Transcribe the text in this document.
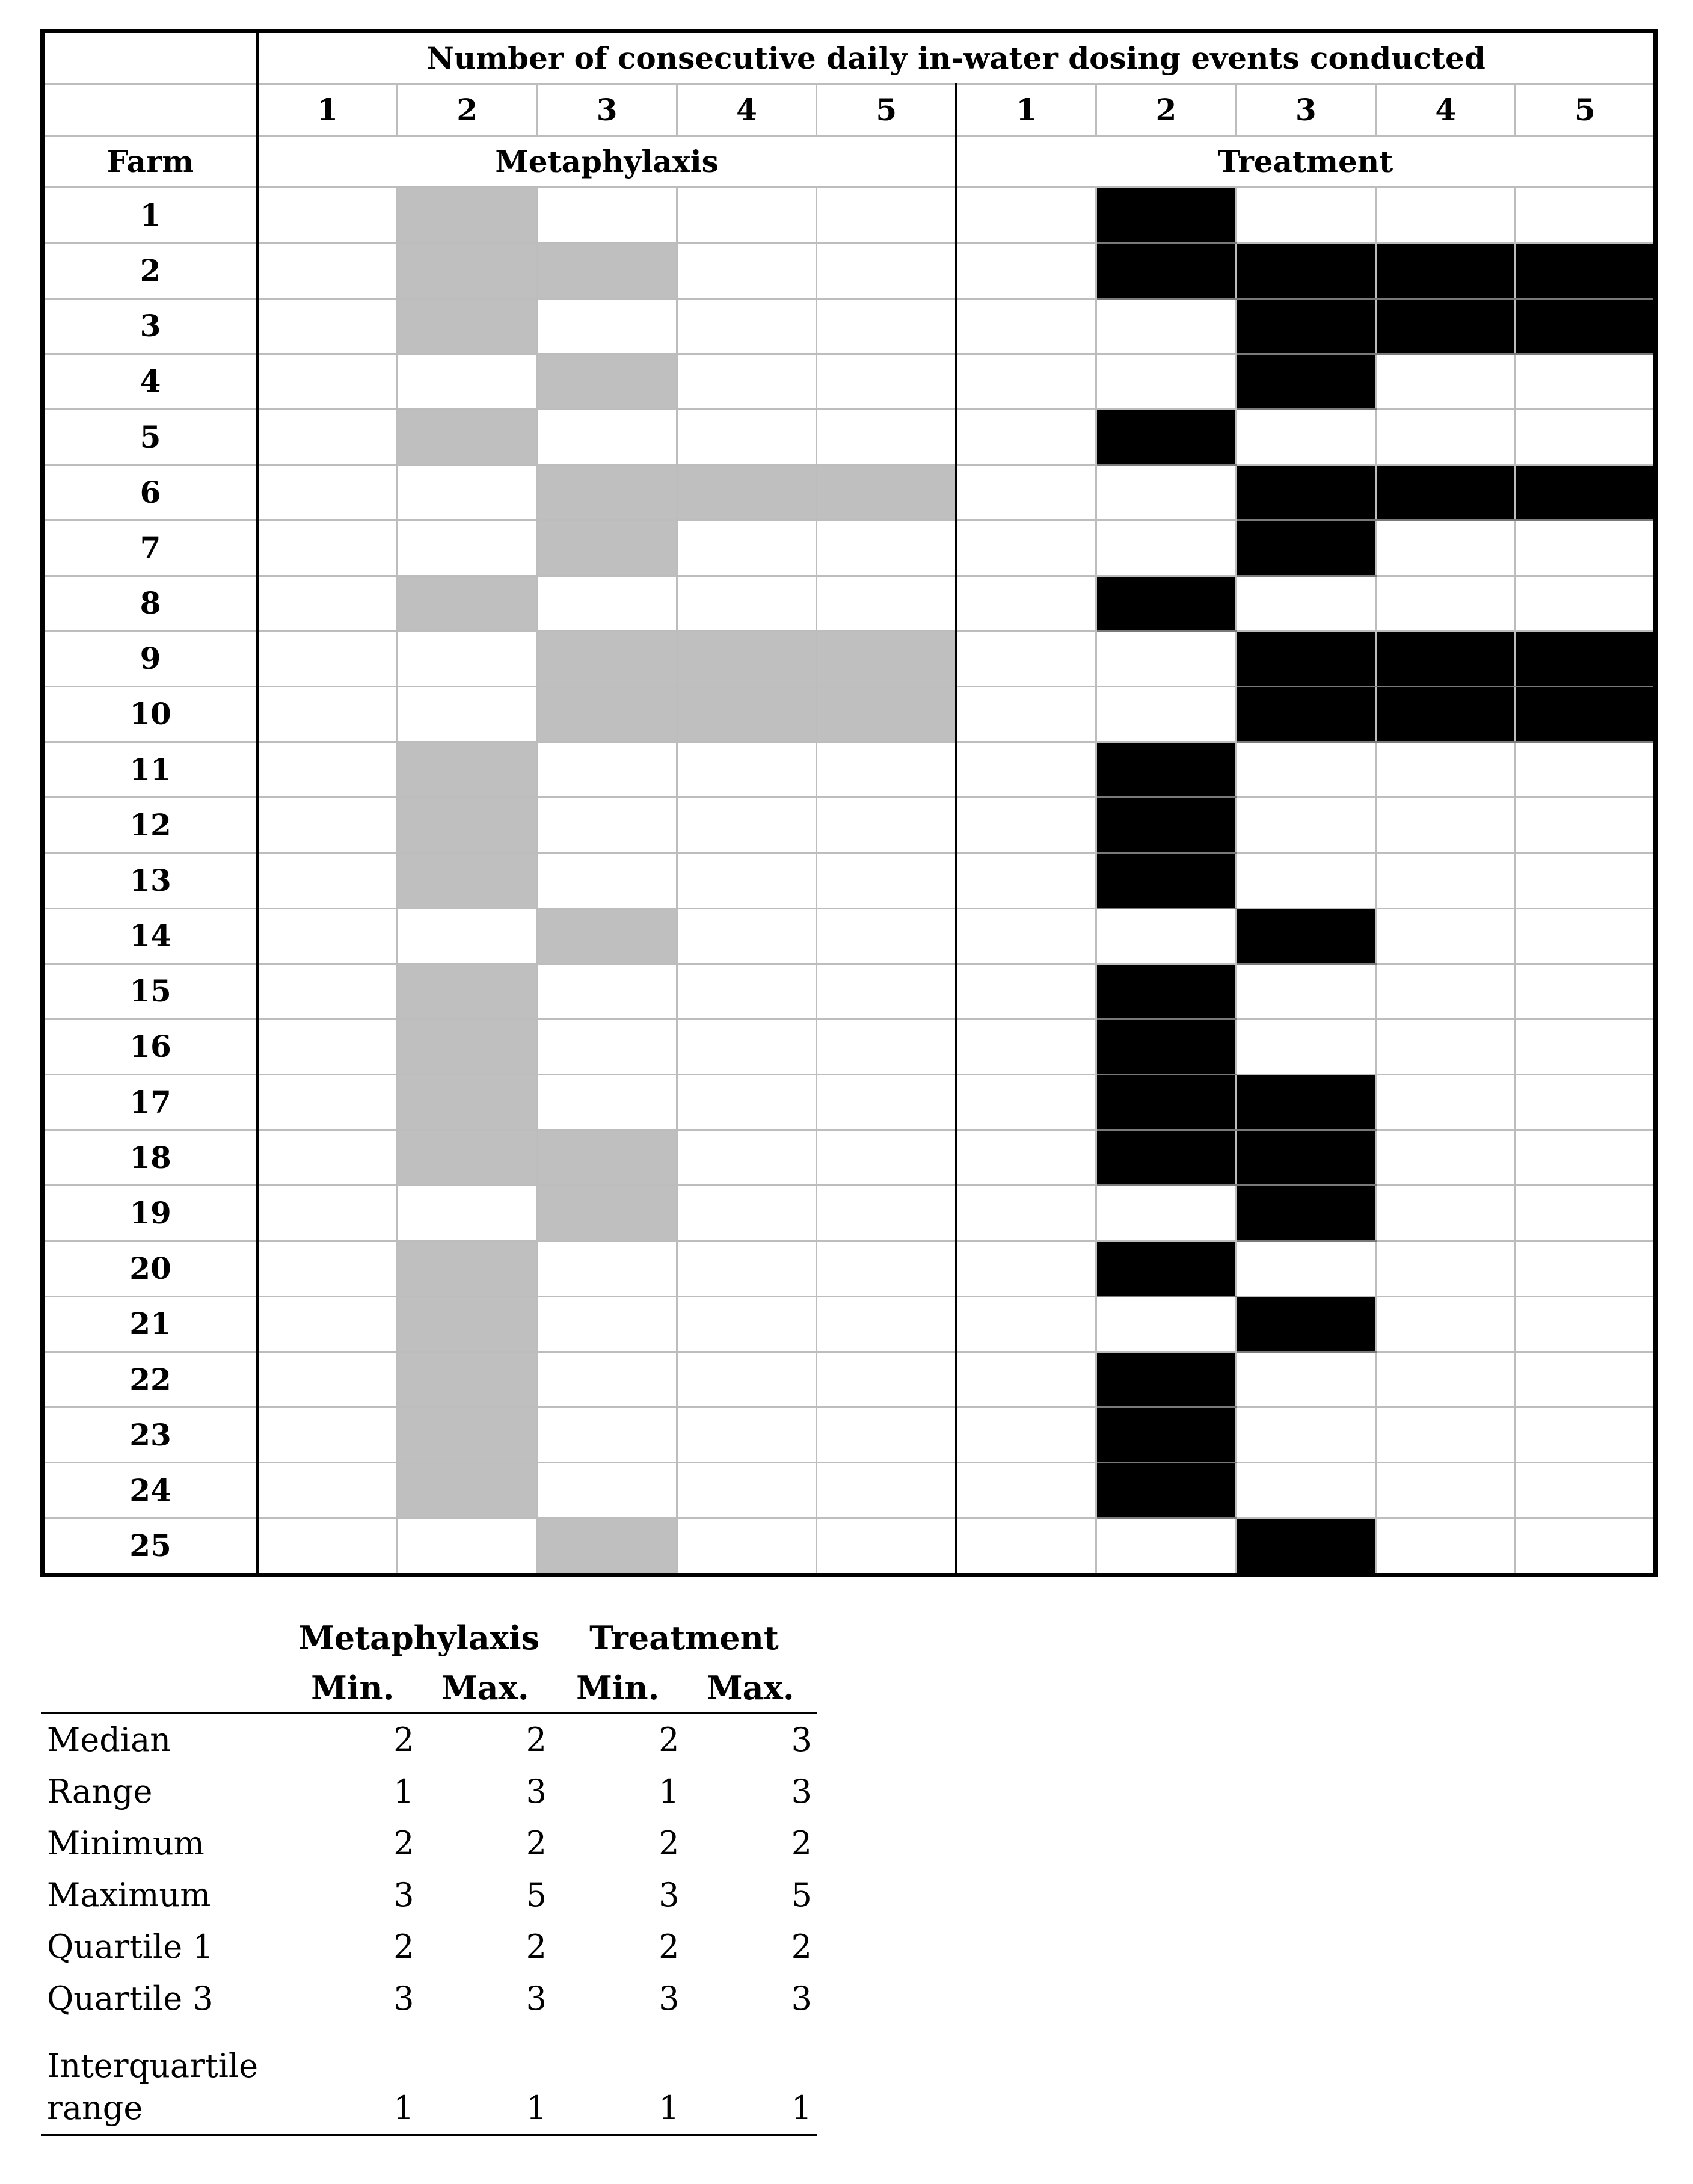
	Number of consecutive daily in-water dosing events conducted									
	1	2	3	4	5	1	2	3	4	5
Farm	Metaphylaxis					Treatment				
1										
2										
3										
4										
5										
6										
7										
8										
9										
10										
11										
12										
13										
14										
15										
16										
17										
18										
19										
20										
21										
22										
23										
24										
25										
	Metaphylaxis		Treatment	
	Min.	Max.	Min.	Max.
Median	2	2	2	3
Range	1	3	1	3
Minimum	2	2	2	2
Maximum	3	5	3	5
Quartile 1	2	2	2	2
Quartile 3	3	3	3	3
Interquartile				
range	1	1	1	1
